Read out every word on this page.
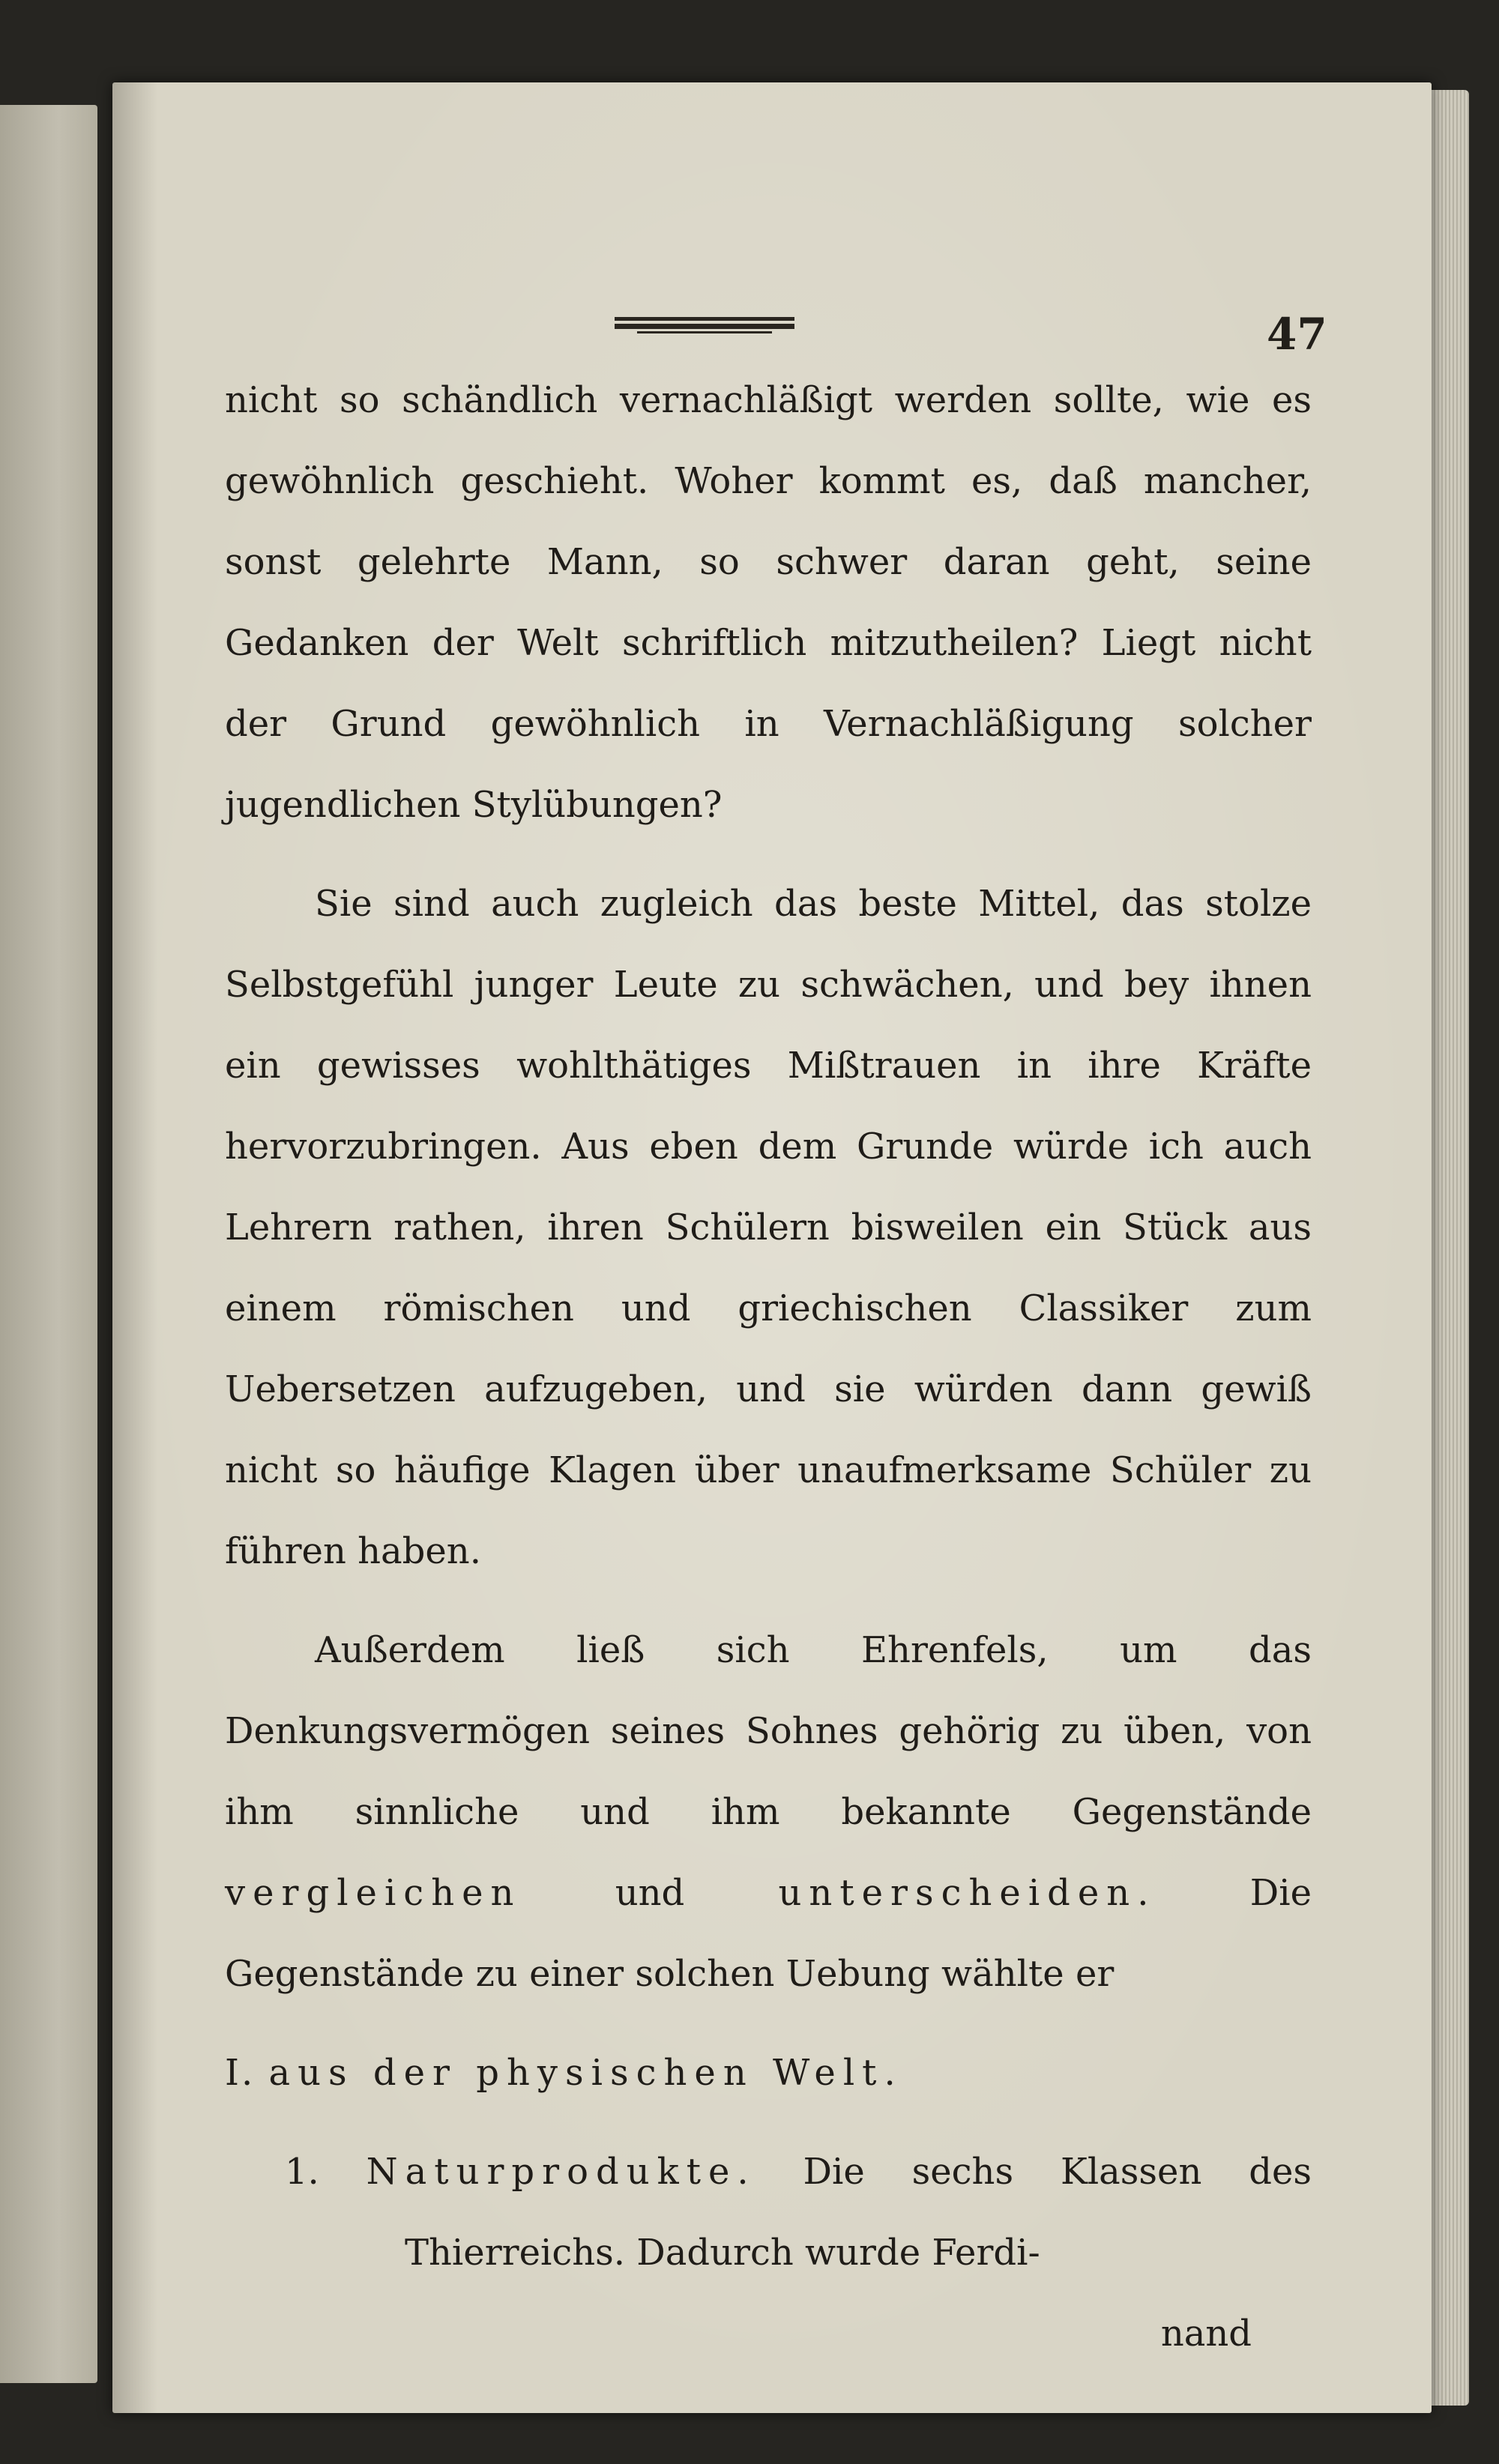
47

nicht so schändlich vernachläßigt werden sollte, wie es gewöhnlich geschieht. Woher kommt es, daß mancher, sonst gelehrte Mann, so schwer daran geht, seine Gedanken der Welt schriftlich mitzutheilen? Liegt nicht der Grund gewöhnlich in Vernachläßigung solcher jugendlichen Stylübungen?

Sie sind auch zugleich das beste Mittel, das stolze Selbstgefühl junger Leute zu schwächen, und bey ihnen ein gewisses wohlthätiges Mißtrauen in ihre Kräfte hervorzubringen. Aus eben dem Grunde würde ich auch Lehrern rathen, ihren Schülern bisweilen ein Stück aus einem römischen und griechischen Classiker zum Uebersetzen aufzugeben, und sie würden dann gewiß nicht so häufige Klagen über unaufmerksame Schüler zu führen haben.

Außerdem ließ sich Ehrenfels, um das Denkungsvermögen seines Sohnes gehörig zu üben, von ihm sinnliche und ihm bekannte Gegenstände vergleichen und unterscheiden. Die Gegenstände zu einer solchen Uebung wählte er

I. aus der physischen Welt.

1. Naturprodukte. Die sechs Klassen des Thierreichs. Dadurch wurde Ferdi-

nand
